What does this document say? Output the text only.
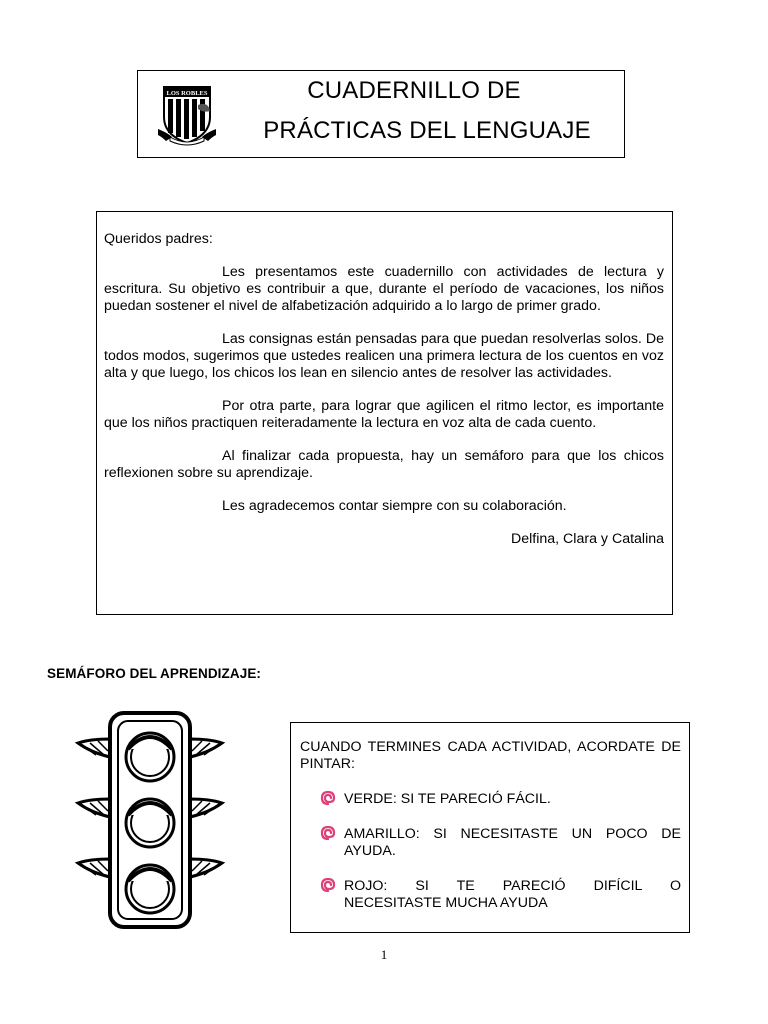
LOS ROBLES	CUADERNILLO DE
PRÁCTICAS DEL LENGUAJE

Queridos padres:

Les presentamos este cuadernillo con actividades de lectura y escritura. Su objetivo es contribuir a que, durante el período de vacaciones, los niños puedan sostener el nivel de alfabetización adquirido a lo largo de primer grado.

Las consignas están pensadas para que puedan resolverlas solos. De todos modos, sugerimos que ustedes realicen una primera lectura de los cuentos en voz alta y que luego, los chicos los lean en silencio antes de resolver las actividades.

Por otra parte, para lograr que agilicen el ritmo lector, es importante que los niños practiquen reiteradamente la lectura en voz alta de cada cuento.

Al finalizar cada propuesta, hay un semáforo para que los chicos reflexionen sobre su aprendizaje.

Les agradecemos contar siempre con su colaboración.

Delfina, Clara y Catalina

SEMÁFORO DEL APRENDIZAJE:

CUANDO TERMINES CADA ACTIVIDAD, ACORDATE DE PINTAR:

VERDE: SI TE PARECIÓ FÁCIL.
AMARILLO: SI NECESITASTE UN POCO DE AYUDA.
ROJO: SI TE PARECIÓ DIFÍCIL O
NECESITASTE MUCHA AYUDA
1
